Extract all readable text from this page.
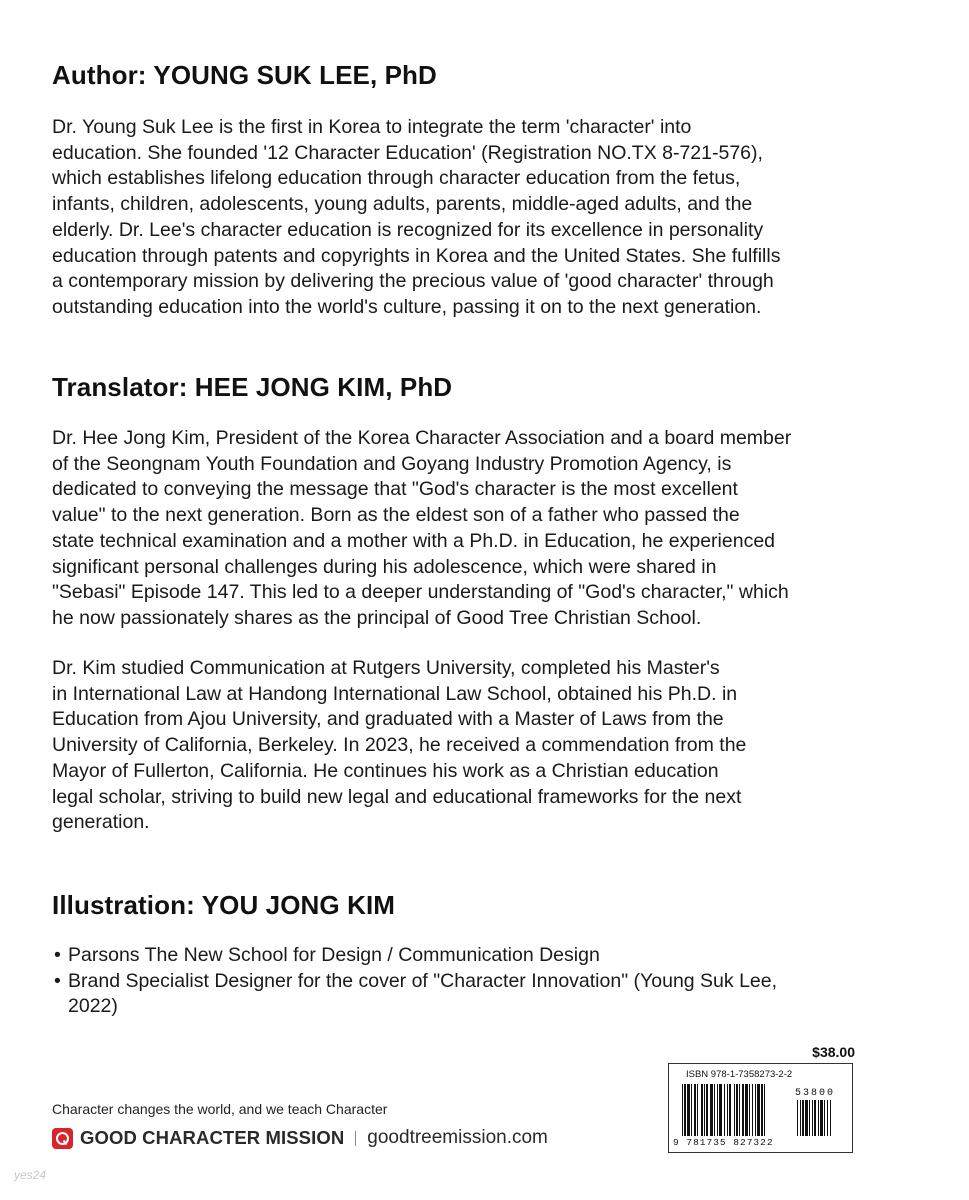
Author: YOUNG SUK LEE, PhD
Dr. Young Suk Lee is the first in Korea to integrate the term 'character' into
education. She founded '12 Character Education' (Registration NO.TX 8-721-576),
which establishes lifelong education through character education from the fetus,
infants, children, adolescents, young adults, parents, middle-aged adults, and the
elderly. Dr. Lee's character education is recognized for its excellence in personality
education through patents and copyrights in Korea and the United States. She fulfills
a contemporary mission by delivering the precious value of 'good character' through
outstanding education into the world's culture, passing it on to the next generation.
Translator: HEE JONG KIM, PhD
Dr. Hee Jong Kim, President of the Korea Character Association and a board member
of the Seongnam Youth Foundation and Goyang Industry Promotion Agency, is
dedicated to conveying the message that "God's character is the most excellent
value" to the next generation. Born as the eldest son of a father who passed the
state technical examination and a mother with a Ph.D. in Education, he experienced
significant personal challenges during his adolescence, which were shared in
"Sebasi" Episode 147. This led to a deeper understanding of "God's character," which
he now passionately shares as the principal of Good Tree Christian School.
Dr. Kim studied Communication at Rutgers University, completed his Master's
in International Law at Handong International Law School, obtained his Ph.D. in
Education from Ajou University, and graduated with a Master of Laws from the
University of California, Berkeley. In 2023, he received a commendation from the
Mayor of Fullerton, California. He continues his work as a Christian education
legal scholar, striving to build new legal and educational frameworks for the next
generation.
Illustration: YOU JONG KIM
• Parsons The New School for Design / Communication Design
• Brand Specialist Designer for the cover of "Character Innovation" (Young Suk Lee,
2022)
$38.00
Character changes the world, and we teach Character
GOOD CHARACTER MISSION goodtreemission.com
ISBN 978-1-7358273-2-2
53800
9 781735 827322
yes24
